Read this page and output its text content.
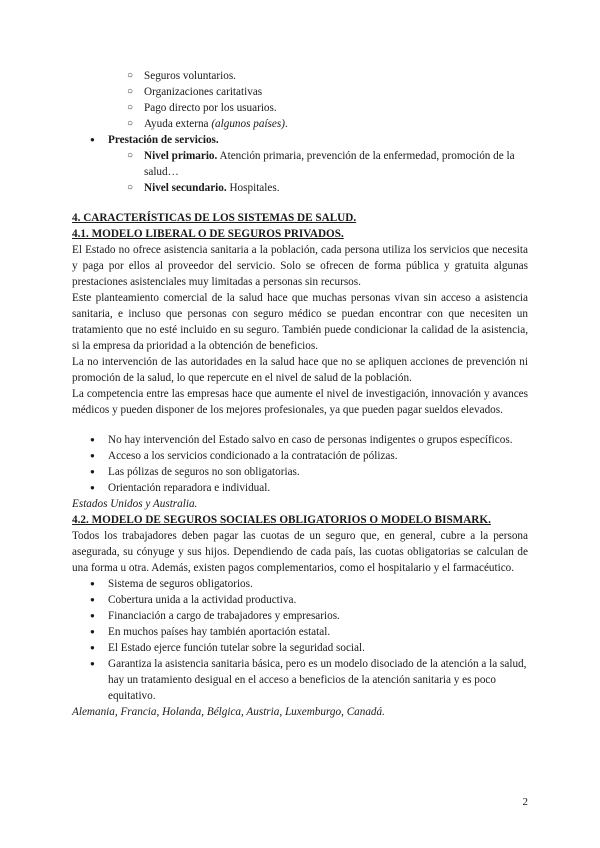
○ Seguros voluntarios.
○ Organizaciones caritativas
○ Pago directo por los usuarios.
○ Ayuda externa (algunos países).
● Prestación de servicios.
○ Nivel primario. Atención primaria, prevención de la enfermedad, promoción de la salud…
○ Nivel secundario. Hospitales.

4. CARACTERÍSTICAS DE LOS SISTEMAS DE SALUD.

4.1. MODELO LIBERAL O DE SEGUROS PRIVADOS.

El Estado no ofrece asistencia sanitaria a la población, cada persona utiliza los servicios que necesita y paga por ellos al proveedor del servicio. Solo se ofrecen de forma pública y gratuita algunas prestaciones asistenciales muy limitadas a personas sin recursos.

Este planteamiento comercial de la salud hace que muchas personas vivan sin acceso a asistencia sanitaria, e incluso que personas con seguro médico se puedan encontrar con que necesiten un tratamiento que no esté incluido en su seguro. También puede condicionar la calidad de la asistencia, si la empresa da prioridad a la obtención de beneficios.

La no intervención de las autoridades en la salud hace que no se apliquen acciones de prevención ni promoción de la salud, lo que repercute en el nivel de salud de la población.

La competencia entre las empresas hace que aumente el nivel de investigación, innovación y avances médicos y pueden disponer de los mejores profesionales, ya que pueden pagar sueldos elevados.

● No hay intervención del Estado salvo en caso de personas indigentes o grupos específicos.
● Acceso a los servicios condicionado a la contratación de pólizas.
● Las pólizas de seguros no son obligatorias.
● Orientación reparadora e individual.

Estados Unidos y Australia.

4.2. MODELO DE SEGUROS SOCIALES OBLIGATORIOS O MODELO BISMARK.

Todos los trabajadores deben pagar las cuotas de un seguro que, en general, cubre a la persona asegurada, su cónyuge y sus hijos. Dependiendo de cada país, las cuotas obligatorias se calculan de una forma u otra. Además, existen pagos complementarios, como el hospitalario y el farmacéutico.

● Sistema de seguros obligatorios.
● Cobertura unida a la actividad productiva.
● Financiación a cargo de trabajadores y empresarios.
● En muchos países hay también aportación estatal.
● El Estado ejerce función tutelar sobre la seguridad social.
● Garantiza la asistencia sanitaria básica, pero es un modelo disociado de la atención a la salud, hay un tratamiento desigual en el acceso a beneficios de la atención sanitaria y es poco equitativo.

Alemania, Francia, Holanda, Bélgica, Austria, Luxemburgo, Canadá.

2
